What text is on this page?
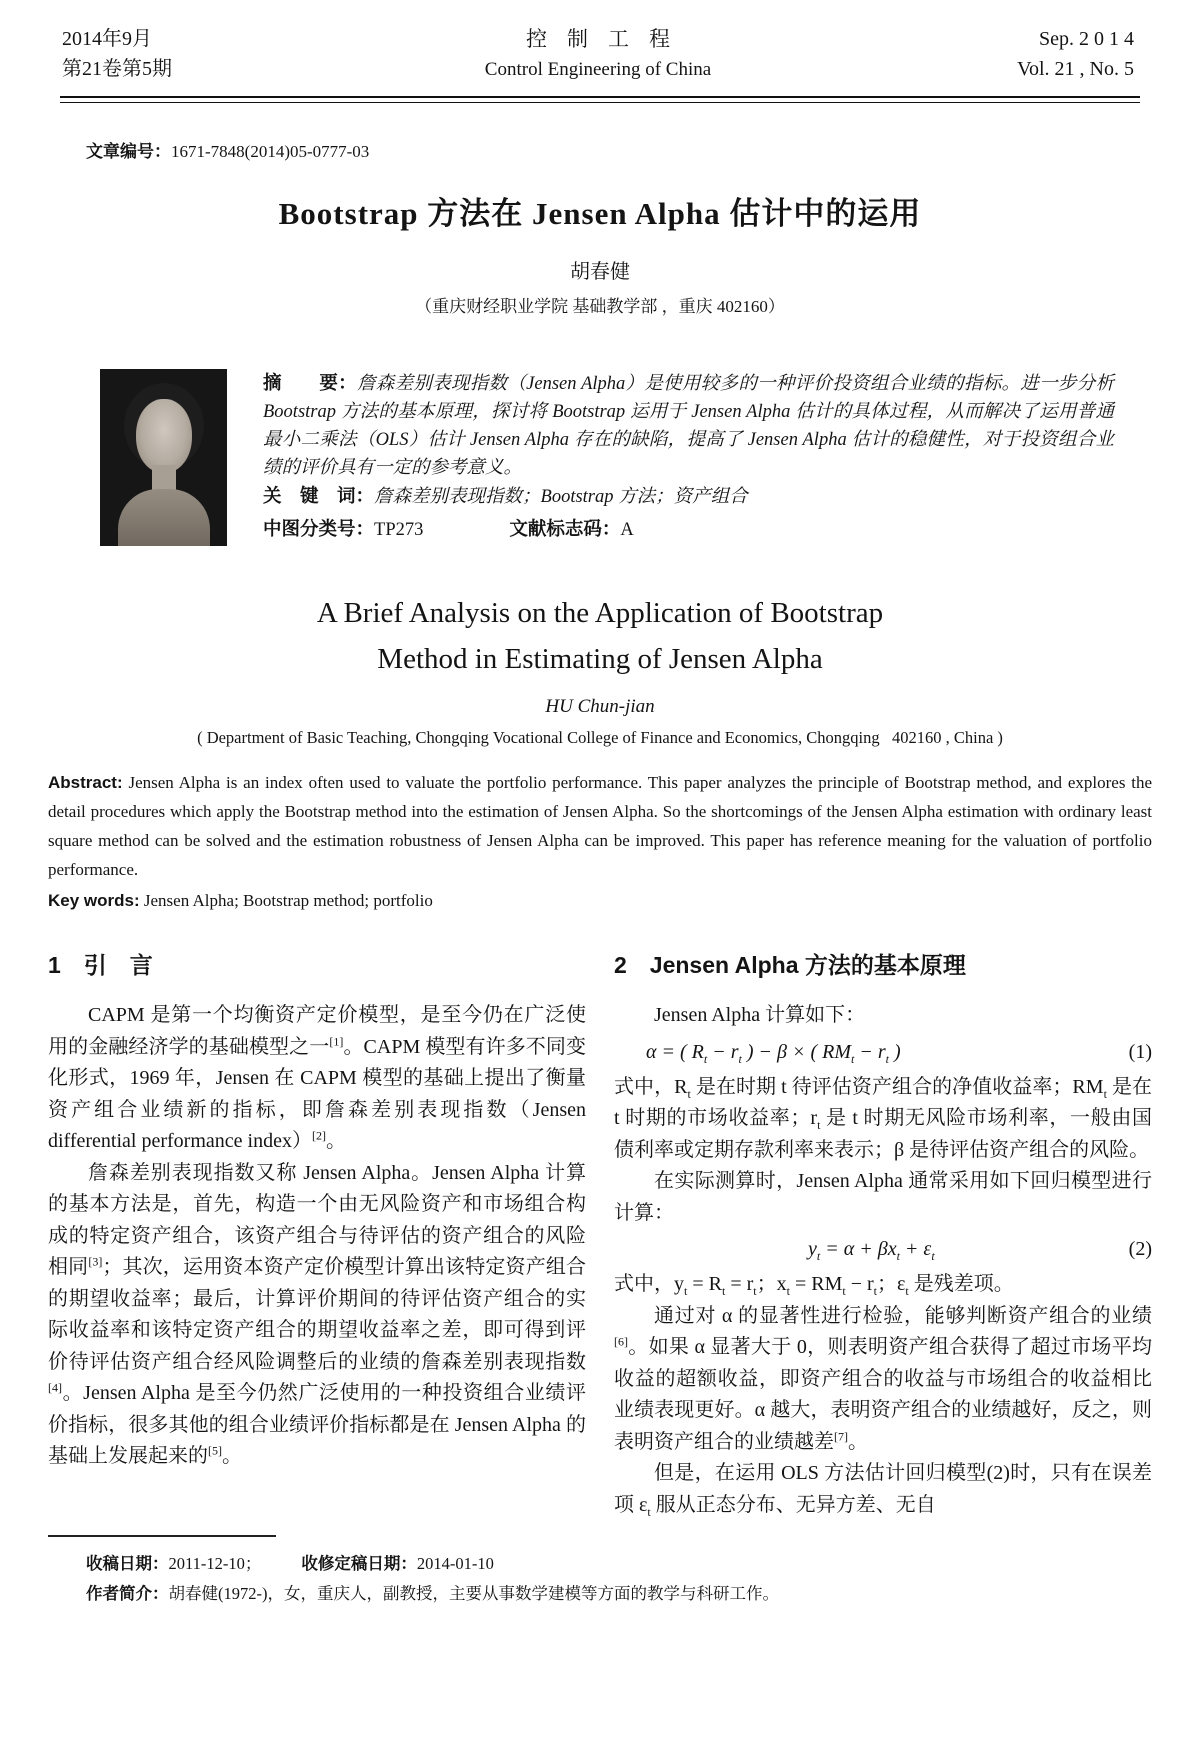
2014年9月
第21卷第5期
控制工程
Control Engineering of China
Sep. 2 0 1 4
Vol. 21 , No. 5
文章编号：1671-7848(2014)05-0777-03
Bootstrap 方法在 Jensen Alpha 估计中的运用
胡春健
（重庆财经职业学院 基础教学部 ，重庆 402160）
摘　　要：詹森差别表现指数（Jensen Alpha）是使用较多的一种评价投资组合业绩的指标。进一步分析 Bootstrap 方法的基本原理，探讨将 Bootstrap 运用于 Jensen Alpha 估计的具体过程，从而解决了运用普通最小二乘法（OLS）估计 Jensen Alpha 存在的缺陷，提高了 Jensen Alpha 估计的稳健性，对于投资组合业绩的评价具有一定的参考意义。
关　键　词：詹森差别表现指数；Bootstrap 方法；资产组合
中图分类号：TP273	文献标志码：A
A Brief Analysis on the Application of Bootstrap
Method in Estimating of Jensen Alpha
HU Chun-jian
( Department of Basic Teaching, Chongqing Vocational College of Finance and Economics, Chongqing  402160 , China )
Abstract: Jensen Alpha is an index often used to valuate the portfolio performance. This paper analyzes the principle of Bootstrap method, and explores the detail procedures which apply the Bootstrap method into the estimation of Jensen Alpha. So the shortcomings of the Jensen Alpha estimation with ordinary least square method can be solved and the estimation robustness of Jensen Alpha can be improved. This paper has reference meaning for the valuation of portfolio performance.
Key words: Jensen Alpha; Bootstrap method; portfolio
1　引　言

CAPM 是第一个均衡资产定价模型，是至今仍在广泛使用的金融经济学的基础模型之一[1]。CAPM 模型有许多不同变化形式，1969 年，Jensen 在 CAPM 模型的基础上提出了衡量资产组合业绩新的指标，即詹森差别表现指数（Jensen differential performance index）[2]。

詹森差别表现指数又称 Jensen Alpha。Jensen Alpha 计算的基本方法是，首先，构造一个由无风险资产和市场组合构成的特定资产组合，该资产组合与待评估的资产组合的风险相同[3]；其次，运用资本资产定价模型计算出该特定资产组合的期望收益率；最后，计算评价期间的待评估资产组合的实际收益率和该特定资产组合的期望收益率之差，即可得到评价待评估资产组合经风险调整后的业绩的詹森差别表现指数[4]。Jensen Alpha 是至今仍然广泛使用的一种投资组合业绩评价指标，很多其他的组合业绩评价指标都是在 Jensen Alpha 的基础上发展起来的[5]。

2　Jensen Alpha 方法的基本原理

Jensen Alpha 计算如下：

α = ( $R_t - r_t$ ) − β × ( $RM_t - r_t$ )	(1)

式中，$R_t$ 是在时期 t 待评估资产组合的净值收益率；$RM_t$ 是在 t 时期的市场收益率；$r_t$ 是 t 时期无风险市场利率，一般由国债利率或定期存款利率来表示；β 是待评估资产组合的风险。

在实际测算时，Jensen Alpha 通常采用如下回归模型进行计算：

$y_t = \alpha + \beta x_t + \varepsilon_t$	(2)

式中，$y_t = R_t = r_t$；$x_t = RM_t - r_t$；$\varepsilon_t$ 是残差项。

通过对 α 的显著性进行检验，能够判断资产组合的业绩[6]。如果 α 显著大于 0，则表明资产组合获得了超过市场平均收益的超额收益，即资产组合的收益与市场组合的收益相比业绩表现更好。α 越大，表明资产组合的业绩越好，反之，则表明资产组合的业绩越差[7]。

但是，在运用 OLS 方法估计回归模型(2)时，只有在误差项 $\varepsilon_t$ 服从正态分布、无异方差、无自

收稿日期：2011-12-10； 收修定稿日期：2014-01-10
作者简介：胡春健(1972-)，女，重庆人，副教授，主要从事数学建模等方面的教学与科研工作。
